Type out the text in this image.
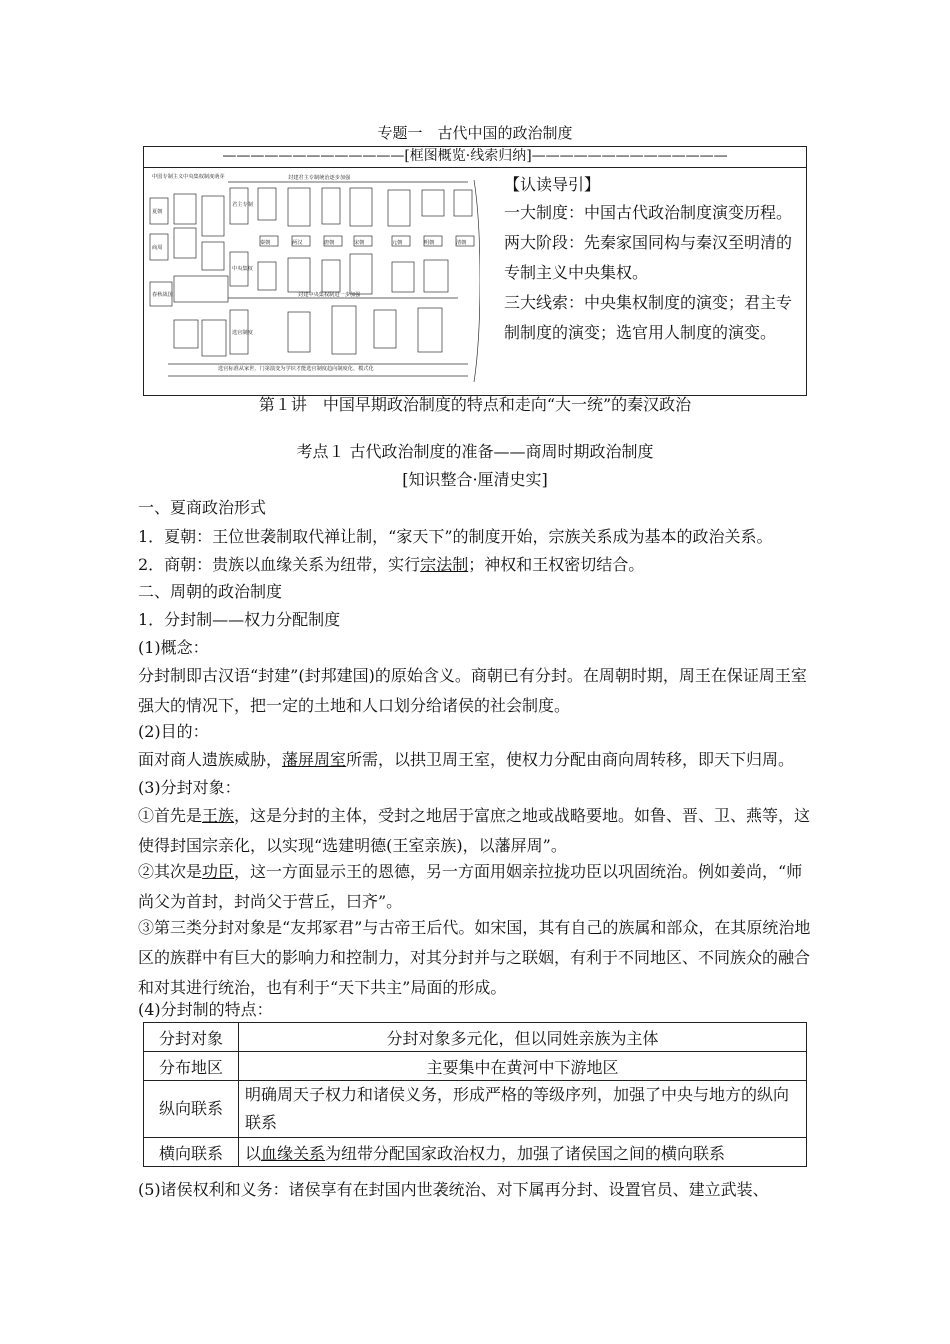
专题一　古代中国的政治制度
—————————————[框图概览·线索归纳]——————————————
中国专制主义中央集权制度萌芽
夏朝
商周
春秋战国
封建君主专制统治逐步加强
封建中央集权制进一步加强
选官标准从家世、门第演变为学识才能选官制度趋向制度化、模式化
君主专制
中央集权
选官制度
秦朝	两汉	唐朝	宋朝	元朝	明朝	清朝

【认读导引】

一大制度：中国古代政治制度演变历程。

两大阶段：先秦家国同构与秦汉至明清的专制主义中央集权。

三大线索：中央集权制度的演变；君主专制制度的演变；选官用人制度的演变。

第１讲　中国早期政治制度的特点和走向“大一统”的秦汉政治
考点１ 古代政治制度的准备——商周时期政治制度
[知识整合·厘清史实]

一、夏商政治形式

1．夏朝：王位世袭制取代禅让制，“家天下”的制度开始，宗族关系成为基本的政治关系。

2．商朝：贵族以血缘关系为纽带，实行宗法制；神权和王权密切结合。

二、周朝的政治制度

1．分封制——权力分配制度

(1)概念：

分封制即古汉语“封建”(封邦建国)的原始含义。商朝已有分封。在周朝时期，周王在保证周王室强大的情况下，把一定的土地和人口划分给诸侯的社会制度。

(2)目的：

面对商人遗族威胁，藩屏周室所需，以拱卫周王室，使权力分配由商向周转移，即天下归周。

(3)分封对象：

①首先是王族，这是分封的主体，受封之地居于富庶之地或战略要地。如鲁、晋、卫、燕等，这使得封国宗亲化，以实现“选建明德(王室亲族)，以藩屏周”。

②其次是功臣，这一方面显示王的恩德，另一方面用姻亲拉拢功臣以巩固统治。例如姜尚，“师尚父为首封，封尚父于营丘，曰齐”。

③第三类分封对象是“友邦冢君”与古帝王后代。如宋国，其有自己的族属和部众，在其原统治地区的族群中有巨大的影响力和控制力，对其分封并与之联姻，有利于不同地区、不同族众的融合和对其进行统治，也有利于“天下共主”局面的形成。

(4)分封制的特点：

分封对象	分封对象多元化，但以同姓亲族为主体
分布地区	主要集中在黄河中下游地区
纵向联系	明确周天子权力和诸侯义务，形成严格的等级序列，加强了中央与地方的纵向联系
横向联系	以血缘关系为纽带分配国家政治权力，加强了诸侯国之间的横向联系

(5)诸侯权利和义务：诸侯享有在封国内世袭统治、对下属再分封、设置官员、建立武装、
